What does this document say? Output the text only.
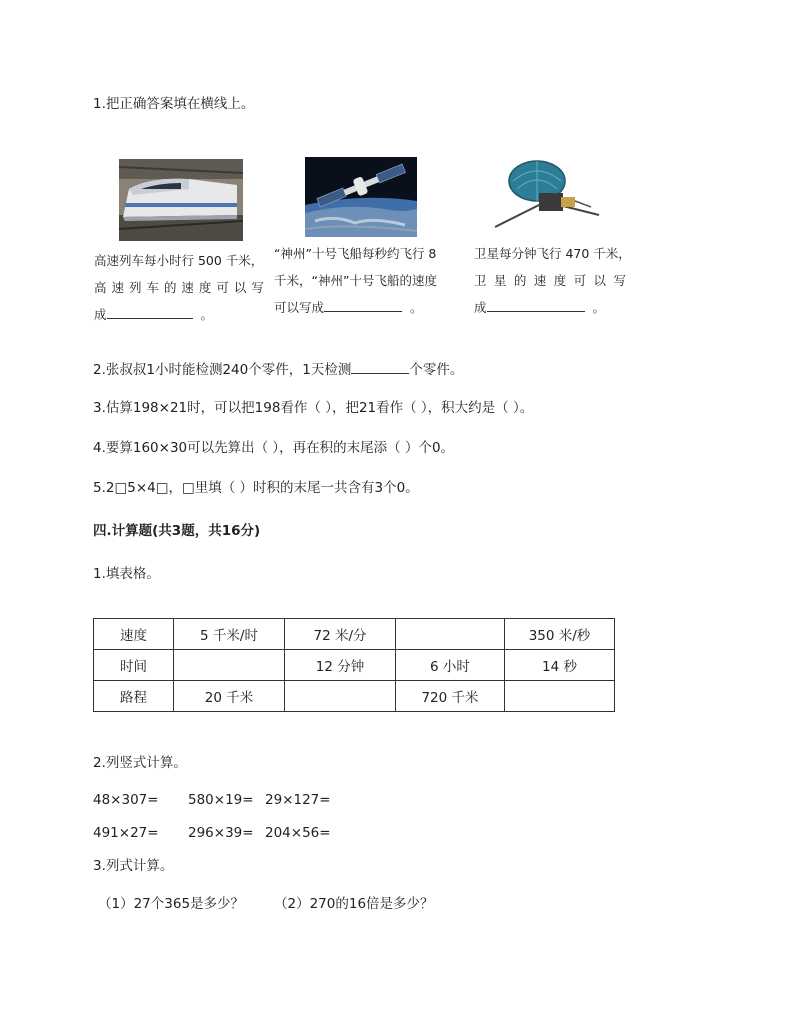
1.把正确答案填在横线上。
高速列车每小时行 500 千米，
高 速 列 车 的 速 度 可 以 写
成	。
“神州”十号飞船每秒约飞行 8
千米，“神州”十号飞船的速度
可以写成	。
卫星每分钟飞行 470 千米，
卫 星 的 速 度 可 以 写
成	。
2.张叔叔1小时能检测240个零件，1天检测	个零件。
3.估算198×21时，可以把198看作（ ），把21看作（ ），积大约是（ ）。
4.要算160×30可以先算出（ ），再在积的末尾添（ ）个0。
5.2□5×4□，□里填（ ）时积的末尾一共含有3个0。
四.计算题(共3题，共16分)
1.填表格。
速度	5 千米/时	72 米/分		350 米/秒
时间		12 分钟	6 小时	14 秒
路程	20 千米		720 千米	
2.列竖式计算。
48×307= 580×19= 29×127=
491×27= 296×39= 204×56=
3.列式计算。
（1）27个365是多少？ （2）270的16倍是多少？
